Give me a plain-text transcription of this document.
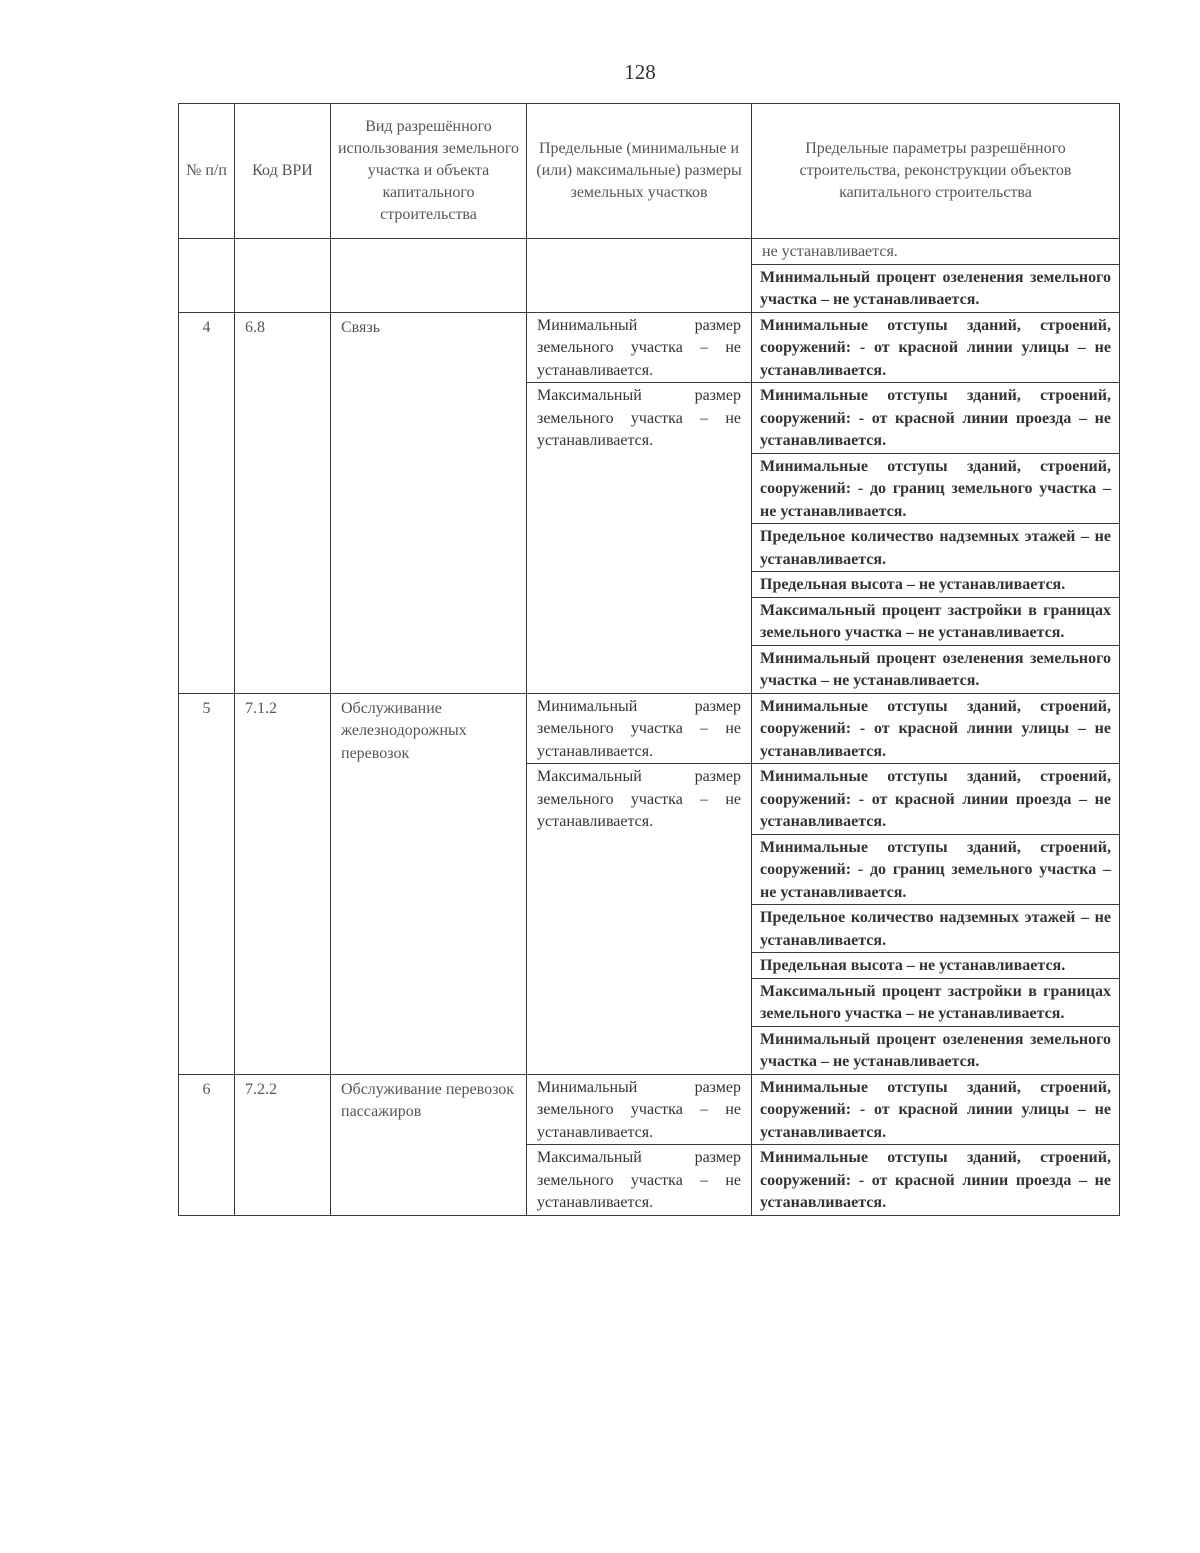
128
№ п/п	Код ВРИ	Вид разрешённого использования земельного участка и объекта капитального строительства	Предельные (минимальные и (или) максимальные) размеры земельных участков	Предельные параметры разрешённого строительства, реконструкции объектов капитального строительства

				не устанавливается.

				Минимальный процент озеленения земельного участка – не устанавливается.

4	6.8	Связь	Минимальный размер земельного участка – не устанавливается.	Минимальные отступы зданий, строений, сооружений: - от красной линии улицы – не устанавливается.

			Максимальный размер земельного участка – не устанавливается.	Минимальные отступы зданий, строений, сооружений: - от красной линии проезда – не устанавливается.

				Минимальные отступы зданий, строений, сооружений: - до границ земельного участка – не устанавливается.

				Предельное количество надземных этажей – не устанавливается.

				Предельная высота – не устанавливается.

				Максимальный процент застройки в границах земельного участка – не устанавливается.

				Минимальный процент озеленения земельного участка – не устанавливается.

5	7.1.2	Обслуживание железнодорожных перевозок	Минимальный размер земельного участка – не устанавливается.	Минимальные отступы зданий, строений, сооружений: - от красной линии улицы – не устанавливается.

			Максимальный размер земельного участка – не устанавливается.	Минимальные отступы зданий, строений, сооружений: - от красной линии проезда – не устанавливается.

				Минимальные отступы зданий, строений, сооружений: - до границ земельного участка – не устанавливается.

				Предельное количество надземных этажей – не устанавливается.

				Предельная высота – не устанавливается.

				Максимальный процент застройки в границах земельного участка – не устанавливается.

				Минимальный процент озеленения земельного участка – не устанавливается.

6	7.2.2	Обслуживание перевозок пассажиров	Минимальный размер земельного участка – не устанавливается.	Минимальные отступы зданий, строений, сооружений: - от красной линии улицы – не устанавливается.

			Максимальный размер земельного участка – не устанавливается.	Минимальные отступы зданий, строений, сооружений: - от красной линии проезда – не устанавливается.
